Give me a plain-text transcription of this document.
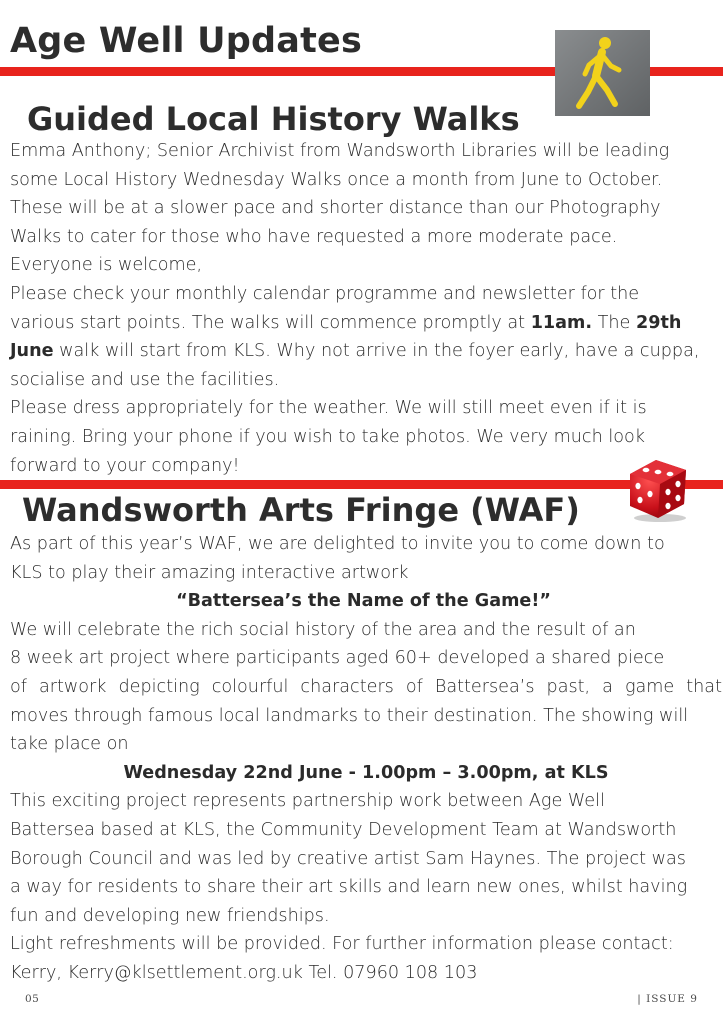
Age Well Updates
Guided Local History Walks
Emma Anthony; Senior Archivist from Wandsworth Libraries will be leading
some Local History Wednesday Walks once a month from June to October.
These will be at a slower pace and shorter distance than our Photography
Walks to cater for those who have requested a more moderate pace.
Everyone is welcome,
Please check your monthly calendar programme and newsletter for the
various start points. The walks will commence promptly at 11am. The 29th
June walk will start from KLS. Why not arrive in the foyer early, have a cuppa,
socialise and use the facilities.
Please dress appropriately for the weather. We will still meet even if it is
raining. Bring your phone if you wish to take photos. We very much look
forward to your company!
Wandsworth Arts Fringe (WAF)
As part of this year’s WAF, we are delighted to invite you to come down to
KLS to play their amazing interactive artwork
“Battersea’s the Name of the Game!”
We will celebrate the rich social history of the area and the result of an
8 week art project where participants aged 60+ developed a shared piece
of artwork depicting colourful characters of Battersea’s past, a game that
moves through famous local landmarks to their destination. The showing will
take place on
Wednesday 22nd June - 1.00pm – 3.00pm, at KLS
This exciting project represents partnership work between Age Well
Battersea based at KLS, the Community Development Team at Wandsworth
Borough Council and was led by creative artist Sam Haynes. The project was
a way for residents to share their art skills and learn new ones, whilst having
fun and developing new friendships.
Light refreshments will be provided. For further information please contact:
Kerry, Kerry@klsettlement.org.uk Tel. 07960 108 103
05	| ISSUE 9
